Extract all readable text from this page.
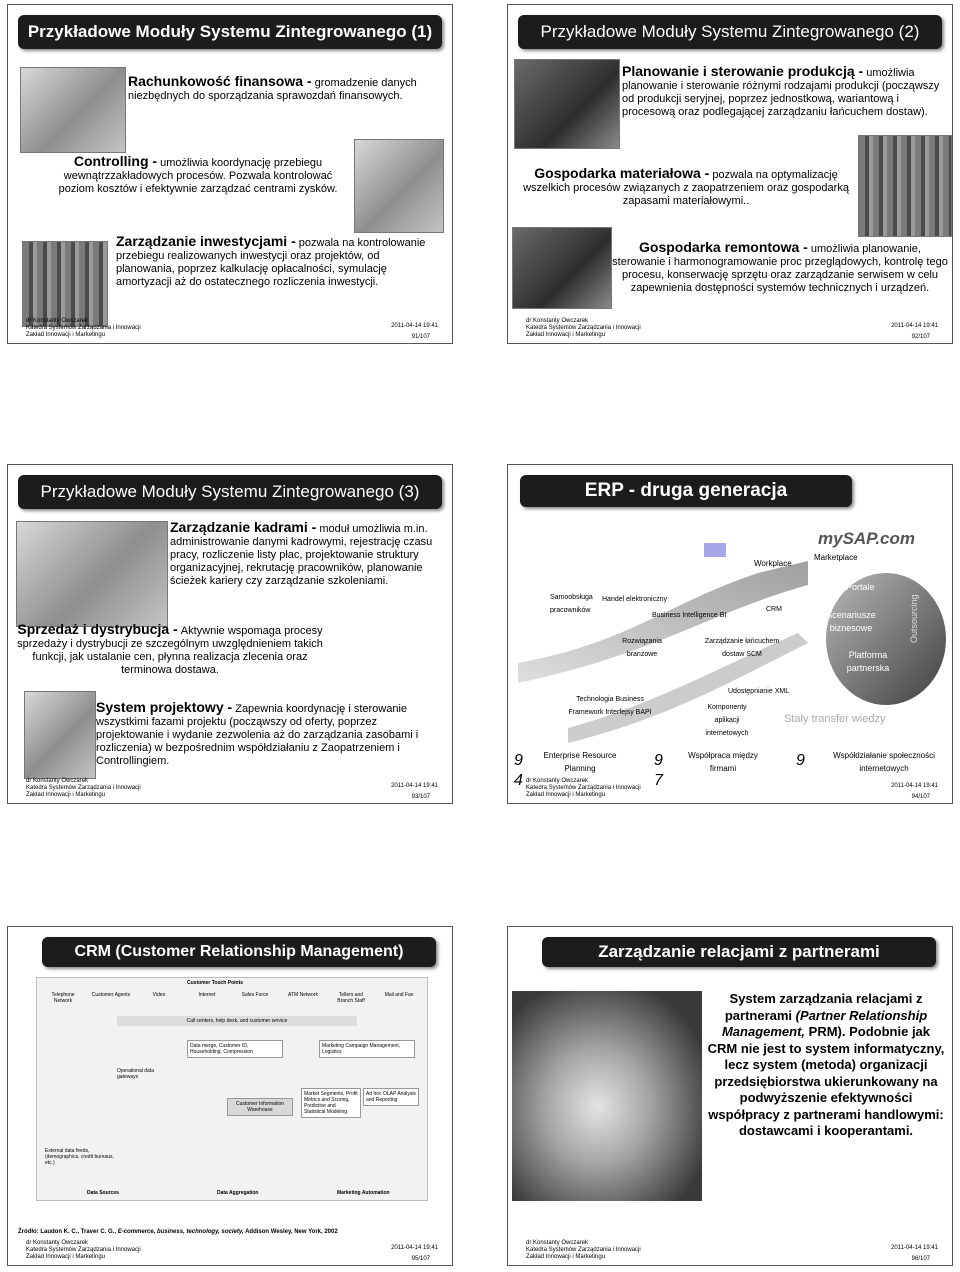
Przykładowe Moduły Systemu Zintegrowanego (1)
Rachunkowość finansowa - gromadzenie danych niezbędnych do sporządzania sprawozdań finansowych.
Controlling - umożliwia koordynację przebiegu wewnątrzzakładowych procesów. Pozwala kontrolować poziom kosztów i efektywnie zarządzać centrami zysków.
Zarządzanie inwestycjami - pozwala na kontrolowanie przebiegu realizowanych inwestycji oraz projektów, od planowania, poprzez kalkulację opłacalności, symulację amortyzacji aż do ostatecznego rozliczenia inwestycji.
dr Konstanty Owczarek
Katedra Systemów Zarządzania i Innowacji
Zakład Innowacji i Marketingu
2011-04-14 19:41
91/107
Przykładowe Moduły Systemu Zintegrowanego (2)
Planowanie i sterowanie produkcją - umożliwia planowanie i sterowanie różnymi rodzajami produkcji (począwszy od produkcji seryjnej, poprzez jednostkową, wariantową i procesową oraz podlegającej zarządzaniu łańcuchem dostaw).
Gospodarka materiałowa - pozwala na optymalizację wszelkich procesów związanych z zaopatrzeniem oraz gospodarką zapasami materiałowymi..
Gospodarka remontowa - umożliwia planowanie, sterowanie i harmonogramowanie proc przeglądowych, kontrolę tego procesu, konserwację sprzętu oraz zarządzanie serwisem w celu zapewnienia dostępności systemów technicznych i urządzeń.
dr Konstanty Owczarek
Katedra Systemów Zarządzania i Innowacji
Zakład Innowacji i Marketingu
2011-04-14 19:41
92/107
Przykładowe Moduły Systemu Zintegrowanego (3)
Zarządzanie kadrami - moduł umożliwia m.in. administrowanie danymi kadrowymi, rejestrację czasu pracy, rozliczenie listy płac, projektowanie struktury organizacyjnej, rekrutację pracowników, planowanie ścieżek kariery czy zarządzanie szkoleniami.
Sprzedaż i dystrybucja - Aktywnie wspomaga procesy sprzedaży i dystrybucji ze szczególnym uwzględnieniem takich funkcji, jak ustalanie cen, płynna realizacja zlecenia oraz terminowa dostawa.
System projektowy - Zapewnia koordynację i sterowanie wszystkimi fazami projektu (począwszy od oferty, poprzez projektowanie i wydanie zezwolenia aż do zarządzania zasobami i rozliczenia) w bezpośrednim współdziałaniu z Zaopatrzeniem i Controllingiem.
dr Konstanty Owczarek
Katedra Systemów Zarządzania i Innowacji
Zakład Innowacji i Marketingu
2011-04-14 19:41
93/107
ERP - druga generacja
mySAP.com
Workplace
Marketplace
Portale
Scenariusze biznesowe
Platforma partnerska
Outsourcing
Samoobsługa pracowników
Handel elektroniczny
Business Intelligence BI
CRM
Rozwiązania branżowe
Zarządzanie łańcuchem dostaw SCM
Udostępnianie XML
Technologia Business Framework Interfejsy BAPI
Komponenty aplikacji internetowych
Stały transfer wiedzy
Enterprise Resource Planning
Współpraca między firmami
Współdziałanie społeczności internetowych
9 4
9 7
9
dr Konstanty Owczarek
Katedra Systemów Zarządzania i Innowacji
Zakład Innowacji i Marketingu
2011-04-14 19:41
94/107
CRM (Customer Relationship Management)
Customer Touch Points
Telephone Network
Customer Agents	Video	Internet	Sales Force	ATM Network	Tellers and Branch Staff
Mail and Fax
Call centers, help desk, and customer service
Data merge, Customer ID, Householding, Compression
Operational data gateways
Marketing Campaign Management, Logistics
Customer Information Warehouse
Market Segments, Profit Metrics and Scoring, Predictive and Statistical Modeling
Ad hoc OLAP Analysis and Reporting
External data feeds, (demographics, credit bureaus, etc.)
Data Sources	Data Aggregation	Marketing Automation
Źródło: Laudon K. C., Traver C. G., E-commerce, business, technology, society, Addison Wesley, New York, 2002
dr Konstanty Owczarek
Katedra Systemów Zarządzania i Innowacji
Zakład Innowacji i Marketingu
2011-04-14 19:41
95/107
Zarządzanie relacjami z partnerami
System zarządzania relacjami z partnerami (Partner Relationship Management, PRM). Podobnie jak CRM nie jest to system informatyczny, lecz system (metoda) organizacji przedsiębiorstwa ukierunkowany na podwyższenie efektywności współpracy z partnerami handlowymi: dostawcami i kooperantami.
dr Konstanty Owczarek
Katedra Systemów Zarządzania i Innowacji
Zakład Innowacji i Marketingu
2011-04-14 19:41
96/107
